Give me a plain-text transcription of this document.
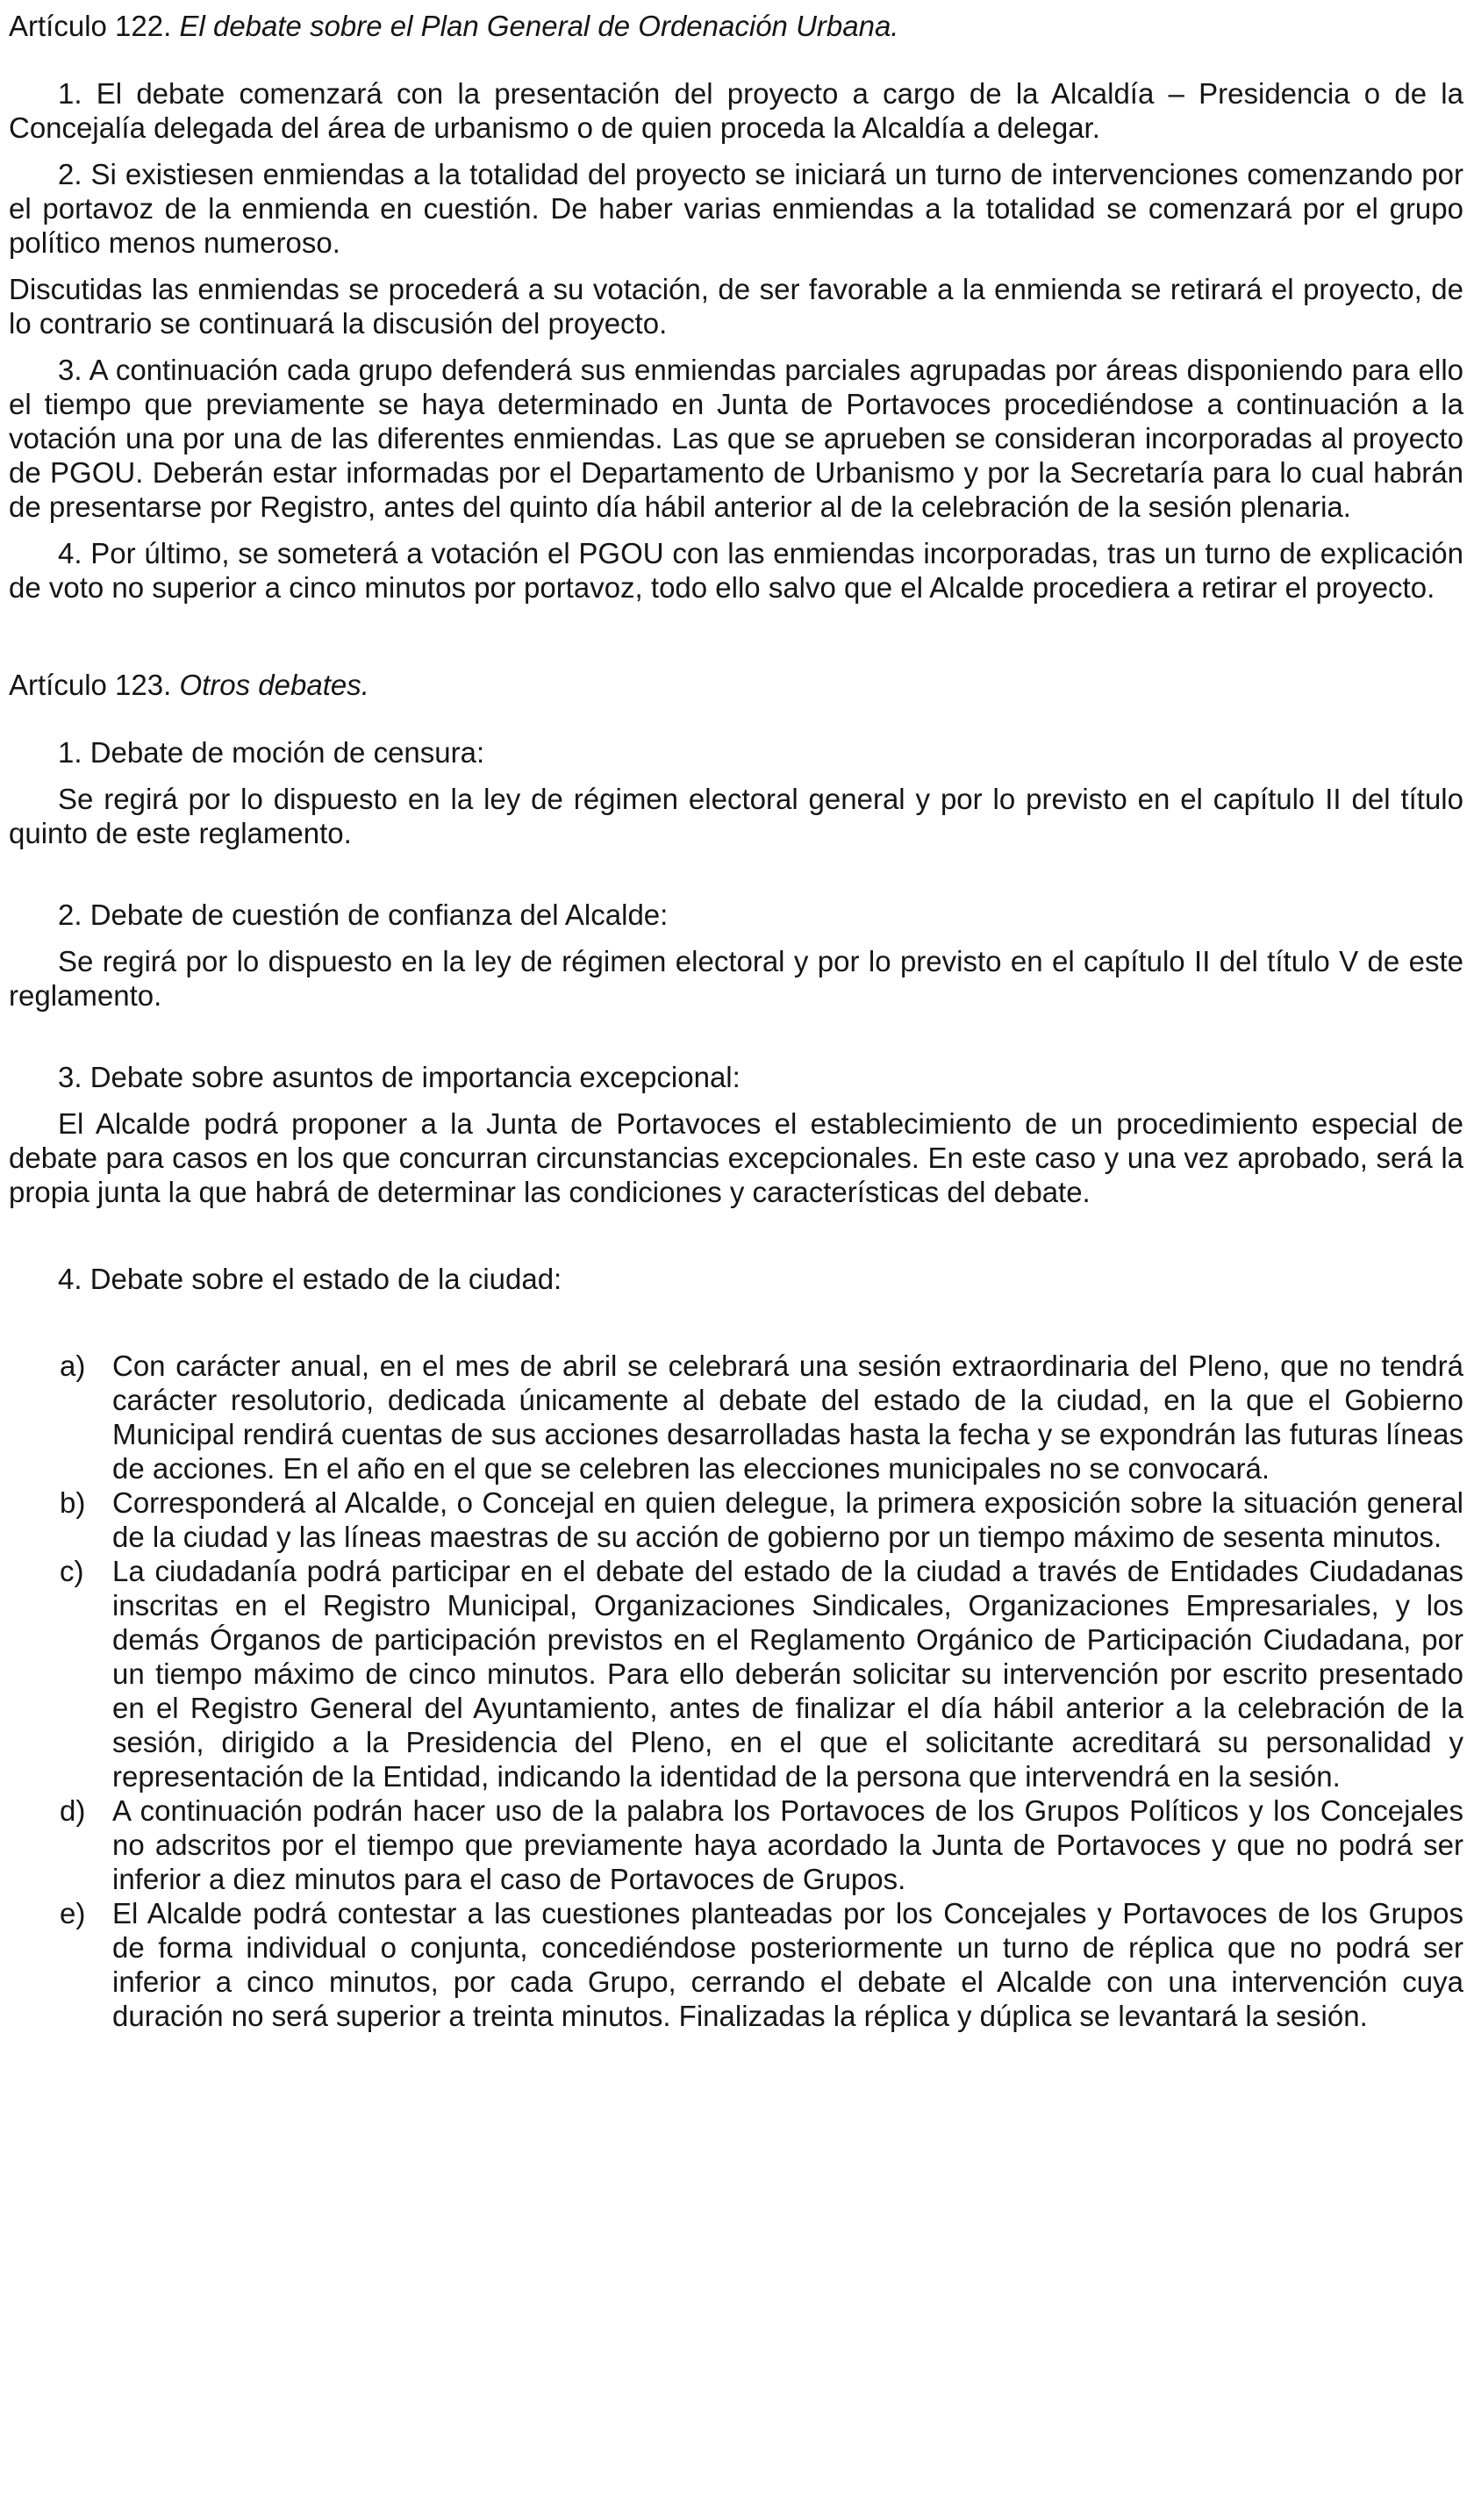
Artículo 122. El debate sobre el Plan General de Ordenación Urbana.

1. El debate comenzará con la presentación del proyecto a cargo de la Alcaldía – Presidencia o de la Concejalía delegada del área de urbanismo o de quien proceda la Alcaldía a delegar.

2. Si existiesen enmiendas a la totalidad del proyecto se iniciará un turno de intervenciones comenzando por el portavoz de la enmienda en cuestión. De haber varias enmiendas a la totalidad se comenzará por el grupo político menos numeroso.

Discutidas las enmiendas se procederá a su votación, de ser favorable a la enmienda se retirará el proyecto, de lo contrario se continuará la discusión del proyecto.

3. A continuación cada grupo defenderá sus enmiendas parciales agrupadas por áreas disponiendo para ello el tiempo que previamente se haya determinado en Junta de Portavoces procediéndose a continuación a la votación una por una de las diferentes enmiendas. Las que se aprueben se consideran incorporadas al proyecto de PGOU. Deberán estar informadas por el Departamento de Urbanismo y por la Secretaría para lo cual habrán de presentarse por Registro, antes del quinto día hábil anterior al de la celebración de la sesión plenaria.

4. Por último, se someterá a votación el PGOU con las enmiendas incorporadas, tras un turno de explicación de voto no superior a cinco minutos por portavoz, todo ello salvo que el Alcalde procediera a retirar el proyecto.

Artículo 123. Otros debates.

1. Debate de moción de censura:

Se regirá por lo dispuesto en la ley de régimen electoral general y por lo previsto en el capítulo II del título quinto de este reglamento.

2. Debate de cuestión de confianza del Alcalde:

Se regirá por lo dispuesto en la ley de régimen electoral y por lo previsto en el capítulo II del título V de este reglamento.

3. Debate sobre asuntos de importancia excepcional:

El Alcalde podrá proponer a la Junta de Portavoces el establecimiento de un procedimiento especial de debate para casos en los que concurran circunstancias excepcionales. En este caso y una vez aprobado, será la propia junta la que habrá de determinar las condiciones y características del debate.

4. Debate sobre el estado de la ciudad:

a) Con carácter anual, en el mes de abril se celebrará una sesión extraordinaria del Pleno, que no tendrá carácter resolutorio, dedicada únicamente al debate del estado de la ciudad, en la que el Gobierno Municipal rendirá cuentas de sus acciones desarrolladas hasta la fecha y se expondrán las futuras líneas de acciones. En el año en el que se celebren las elecciones municipales no se convocará.
b) Corresponderá al Alcalde, o Concejal en quien delegue, la primera exposición sobre la situación general de la ciudad y las líneas maestras de su acción de gobierno por un tiempo máximo de sesenta minutos.
c) La ciudadanía podrá participar en el debate del estado de la ciudad a través de Entidades Ciudadanas inscritas en el Registro Municipal, Organizaciones Sindicales, Organizaciones Empresariales, y los demás Órganos de participación previstos en el Reglamento Orgánico de Participación Ciudadana, por un tiempo máximo de cinco minutos. Para ello deberán solicitar su intervención por escrito presentado en el Registro General del Ayuntamiento, antes de finalizar el día hábil anterior a la celebración de la sesión, dirigido a la Presidencia del Pleno, en el que el solicitante acreditará su personalidad y representación de la Entidad, indicando la identidad de la persona que intervendrá en la sesión.
d) A continuación podrán hacer uso de la palabra los Portavoces de los Grupos Políticos y los Concejales no adscritos por el tiempo que previamente haya acordado la Junta de Portavoces y que no podrá ser inferior a diez minutos para el caso de Portavoces de Grupos.
e) El Alcalde podrá contestar a las cuestiones planteadas por los Concejales y Portavoces de los Grupos de forma individual o conjunta, concediéndose posteriormente un turno de réplica que no podrá ser inferior a cinco minutos, por cada Grupo, cerrando el debate el Alcalde con una intervención cuya duración no será superior a treinta minutos. Finalizadas la réplica y dúplica se levantará la sesión.
